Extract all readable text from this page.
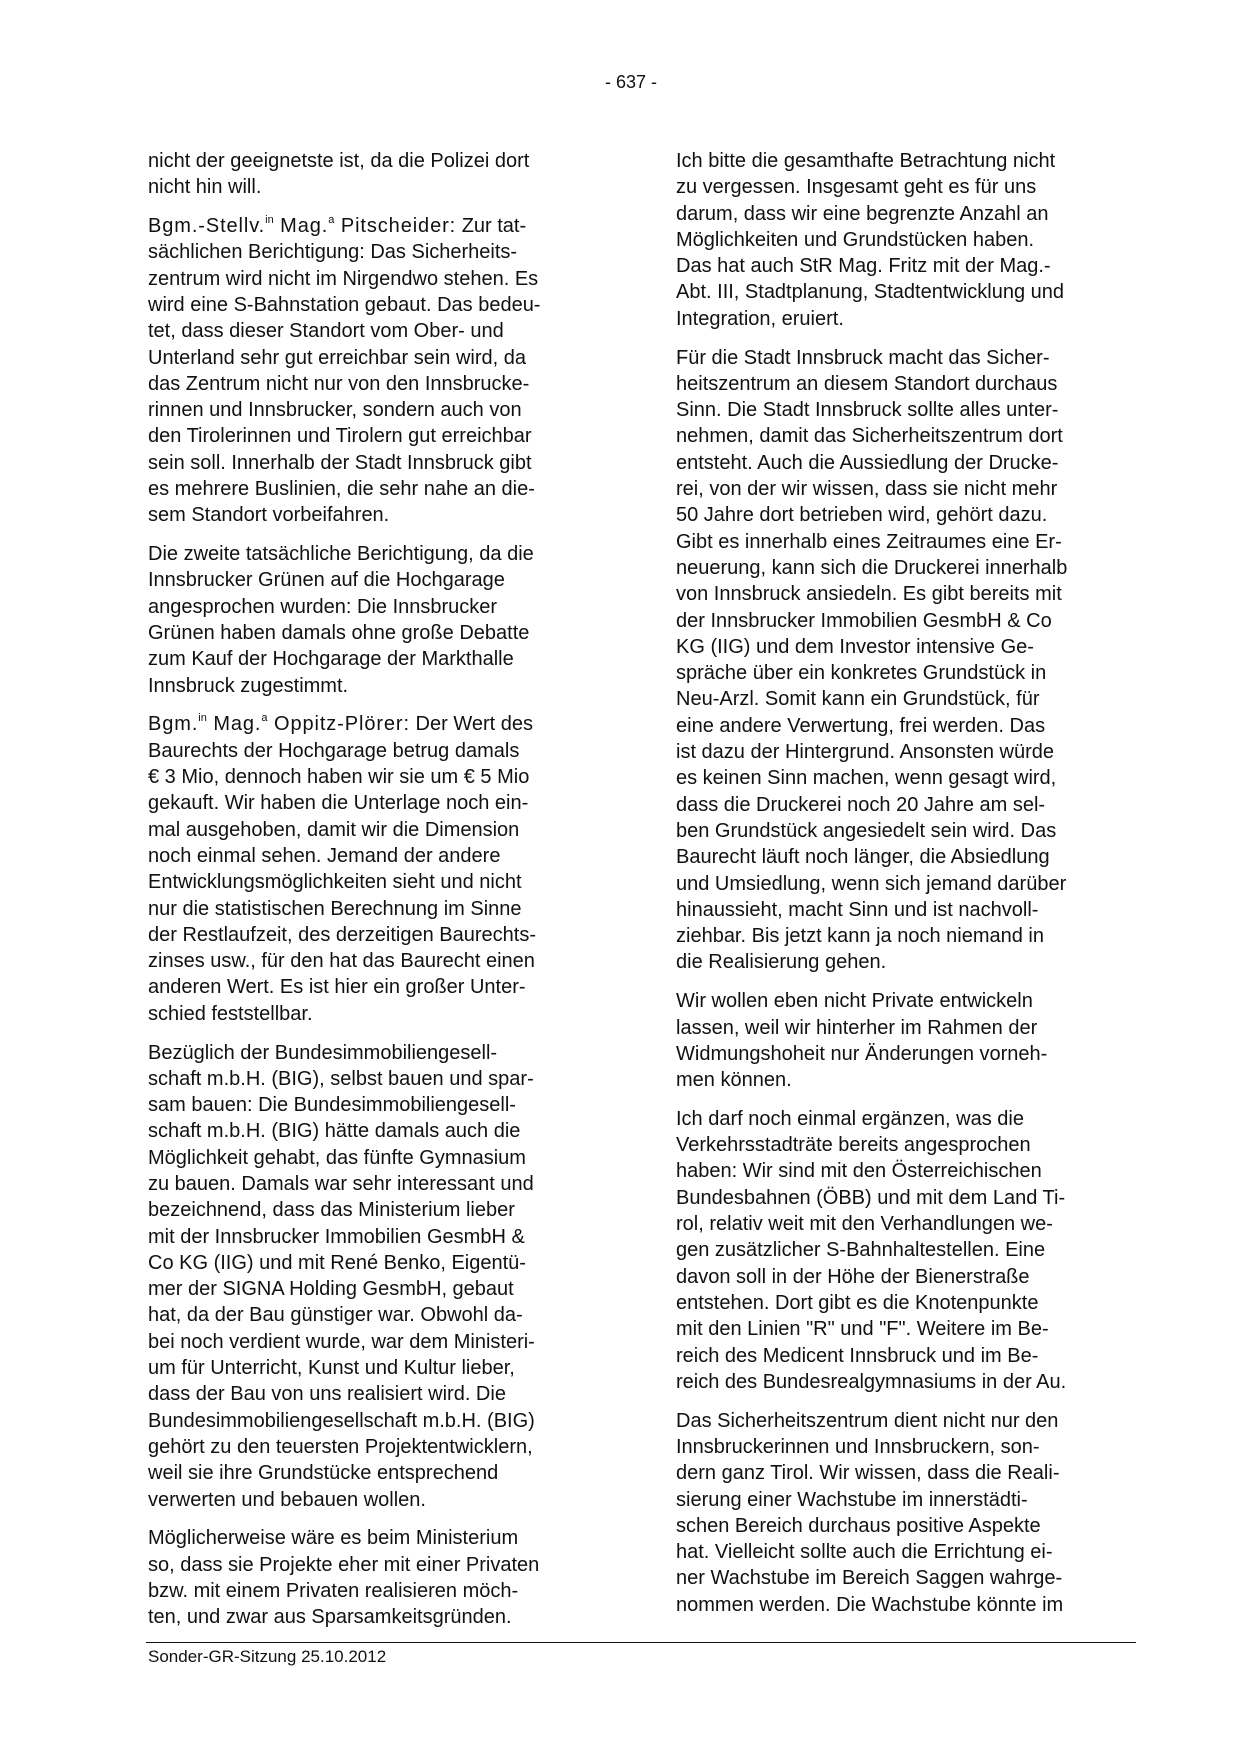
- 637 -

nicht der geeignetste ist, da die Polizei dort
nicht hin will.

Bgm.-Stellv.$^{in}$ Mag.$^a$ Pitscheider: Zur tat-
sächlichen Berichtigung: Das Sicherheits-
zentrum wird nicht im Nirgendwo stehen. Es
wird eine S-Bahnstation gebaut. Das bedeu-
tet, dass dieser Standort vom Ober- und
Unterland sehr gut erreichbar sein wird, da
das Zentrum nicht nur von den Innsbrucke-
rinnen und Innsbrucker, sondern auch von
den Tirolerinnen und Tirolern gut erreichbar
sein soll. Innerhalb der Stadt Innsbruck gibt
es mehrere Buslinien, die sehr nahe an die-
sem Standort vorbeifahren.

Die zweite tatsächliche Berichtigung, da die
Innsbrucker Grünen auf die Hochgarage
angesprochen wurden: Die Innsbrucker
Grünen haben damals ohne große Debatte
zum Kauf der Hochgarage der Markthalle
Innsbruck zugestimmt.

Bgm.$^{in}$ Mag.$^a$ Oppitz-Plörer: Der Wert des
Baurechts der Hochgarage betrug damals
€ 3 Mio, dennoch haben wir sie um € 5 Mio
gekauft. Wir haben die Unterlage noch ein-
mal ausgehoben, damit wir die Dimension
noch einmal sehen. Jemand der andere
Entwicklungsmöglichkeiten sieht und nicht
nur die statistischen Berechnung im Sinne
der Restlaufzeit, des derzeitigen Baurechts-
zinses usw., für den hat das Baurecht einen
anderen Wert. Es ist hier ein großer Unter-
schied feststellbar.

Bezüglich der Bundesimmobiliengesell-
schaft m.b.H. (BIG), selbst bauen und spar-
sam bauen: Die Bundesimmobiliengesell-
schaft m.b.H. (BIG) hätte damals auch die
Möglichkeit gehabt, das fünfte Gymnasium
zu bauen. Damals war sehr interessant und
bezeichnend, dass das Ministerium lieber
mit der Innsbrucker Immobilien GesmbH &
Co KG (IIG) und mit René Benko, Eigentü-
mer der SIGNA Holding GesmbH, gebaut
hat, da der Bau günstiger war. Obwohl da-
bei noch verdient wurde, war dem Ministeri-
um für Unterricht, Kunst und Kultur lieber,
dass der Bau von uns realisiert wird. Die
Bundesimmobiliengesellschaft m.b.H. (BIG)
gehört zu den teuersten Projektentwicklern,
weil sie ihre Grundstücke entsprechend
verwerten und bebauen wollen.

Möglicherweise wäre es beim Ministerium
so, dass sie Projekte eher mit einer Privaten
bzw. mit einem Privaten realisieren möch-
ten, und zwar aus Sparsamkeitsgründen.

Ich bitte die gesamthafte Betrachtung nicht
zu vergessen. Insgesamt geht es für uns
darum, dass wir eine begrenzte Anzahl an
Möglichkeiten und Grundstücken haben.
Das hat auch StR Mag. Fritz mit der Mag.-
Abt. III, Stadtplanung, Stadtentwicklung und
Integration, eruiert.

Für die Stadt Innsbruck macht das Sicher-
heitszentrum an diesem Standort durchaus
Sinn. Die Stadt Innsbruck sollte alles unter-
nehmen, damit das Sicherheitszentrum dort
entsteht. Auch die Aussiedlung der Drucke-
rei, von der wir wissen, dass sie nicht mehr
50 Jahre dort betrieben wird, gehört dazu.
Gibt es innerhalb eines Zeitraumes eine Er-
neuerung, kann sich die Druckerei innerhalb
von Innsbruck ansiedeln. Es gibt bereits mit
der Innsbrucker Immobilien GesmbH & Co
KG (IIG) und dem Investor intensive Ge-
spräche über ein konkretes Grundstück in
Neu-Arzl. Somit kann ein Grundstück, für
eine andere Verwertung, frei werden. Das
ist dazu der Hintergrund. Ansonsten würde
es keinen Sinn machen, wenn gesagt wird,
dass die Druckerei noch 20 Jahre am sel-
ben Grundstück angesiedelt sein wird. Das
Baurecht läuft noch länger, die Absiedlung
und Umsiedlung, wenn sich jemand darüber
hinaussieht, macht Sinn und ist nachvoll-
ziehbar. Bis jetzt kann ja noch niemand in
die Realisierung gehen.

Wir wollen eben nicht Private entwickeln
lassen, weil wir hinterher im Rahmen der
Widmungshoheit nur Änderungen vorneh-
men können.

Ich darf noch einmal ergänzen, was die
Verkehrsstadträte bereits angesprochen
haben: Wir sind mit den Österreichischen
Bundesbahnen (ÖBB) und mit dem Land Ti-
rol, relativ weit mit den Verhandlungen we-
gen zusätzlicher S-Bahnhaltestellen. Eine
davon soll in der Höhe der Bienerstraße
entstehen. Dort gibt es die Knotenpunkte
mit den Linien "R" und "F". Weitere im Be-
reich des Medicent Innsbruck und im Be-
reich des Bundesrealgymnasiums in der Au.

Das Sicherheitszentrum dient nicht nur den
Innsbruckerinnen und Innsbruckern, son-
dern ganz Tirol. Wir wissen, dass die Reali-
sierung einer Wachstube im innerstädti-
schen Bereich durchaus positive Aspekte
hat. Vielleicht sollte auch die Errichtung ei-
ner Wachstube im Bereich Saggen wahrge-
nommen werden. Die Wachstube könnte im

Sonder-GR-Sitzung 25.10.2012
